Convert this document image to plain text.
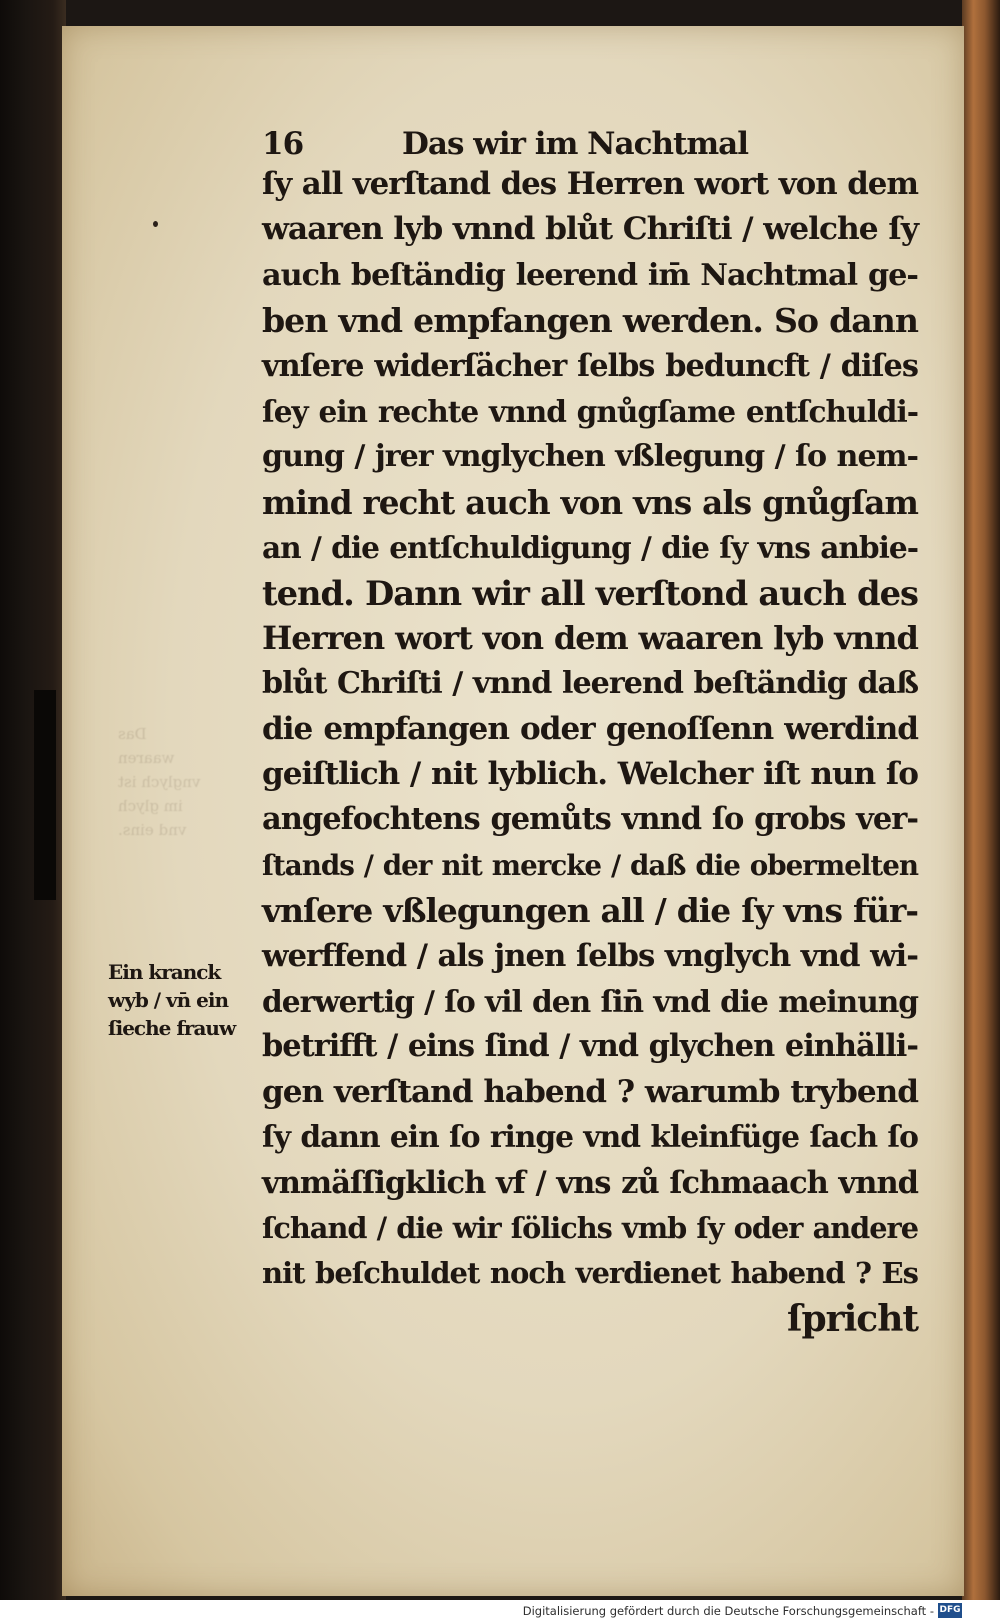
Das waaren
vnglych ist
im glych
vnd eins.
16	Das wir im Nachtmal
ſy all verſtand des Herren wort von dem
waaren lyb vnnd blůt Chriſti / welche ſy
auch beſtändig leerend im̄ Nachtmal ge-
ben vnd empfangen werden. So dann
vnſere widerſächer ſelbs beduncft / diſes
ſey ein rechte vnnd gnůgſame entſchuldi-
gung / jrer vnglychen vßlegung / ſo nem-
mind recht auch von vns als gnůgſam
an / die entſchuldigung / die ſy vns anbie-
tend. Dann wir all verſtond auch des
Herren wort von dem waaren lyb vnnd
blůt Chriſti / vnnd leerend beſtändig daß
die empfangen oder genoſſenn werdind
geiſtlich / nit lyblich. Welcher iſt nun ſo
angefochtens gemůts vnnd ſo grobs ver-
ſtands / der nit mercke / daß die obermelten
vnſere vßlegungen all / die ſy vns für-
werffend / als jnen ſelbs vnglych vnd wi-
derwertig / ſo vil den ſin̄ vnd die meinung
betrifft / eins ſind / vnd glychen einhälli-
gen verſtand habend ? warumb trybend
ſy dann ein ſo ringe vnd kleinfüge ſach ſo
vnmäſſigklich vf / vns zů ſchmaach vnnd
ſchand / die wir ſölichs vmb ſy oder andere
nit beſchuldet noch verdienet habend ? Es
ſpricht
Ein kranck
wyb / vn̄ ein
ſieche frauw
Digitalisierung gefördert durch die Deutsche Forschungsgemeinschaft - DFG
